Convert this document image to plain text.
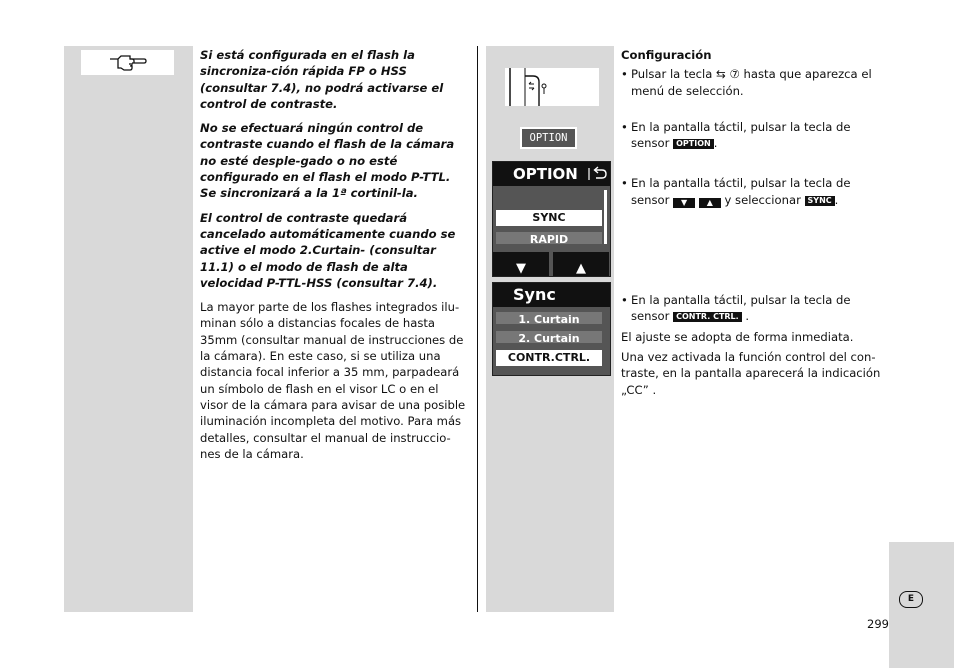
Si está configurada en el flash la sincroniza-ción rápida FP o HSS (consultar 7.4), no podrá activarse el control de contraste.

No se efectuará ningún control de contraste cuando el flash de la cámara no esté desple-gado o no esté configurado en el flash el modo P-TTL. Se sincronizará a la 1ª cortinil-la.

El control de contraste quedará cancelado automáticamente cuando se active el modo 2.Curtain- (consultar 11.1) o el modo de flash de alta velocidad P-TTL-HSS (consultar 7.4).

La mayor parte de los flashes integrados ilu-minan sólo a distancias focales de hasta 35mm (consultar manual de instrucciones de la cámara). En este caso, si se utiliza una distancia focal inferior a 35 mm, parpadeará un símbolo de flash en el visor LC o en el visor de la cámara para avisar de una posible iluminación incompleta del motivo. Para más detalles, consultar el manual de instruccio-nes de la cámara.

OPTION
OPTION
SYNC
RAPID
▼	▲
Sync
1. Curtain
2. Curtain
CONTR.CTRL.
Configuración
• Pulsar la tecla ⇆ ⑦ hasta que aparezca el menú de selección.
• En la pantalla táctil, pulsar la tecla de sensor OPTION .
• En la pantalla táctil, pulsar la tecla de sensor ▼ ▲ y seleccionar SYNC .
• En la pantalla táctil, pulsar la tecla de sensor CONTR. CTRL. .
El ajuste se adopta de forma inmediata.
Una vez activada la función control del con-traste, en la pantalla aparecerá la indicación „CC” .
E
299
